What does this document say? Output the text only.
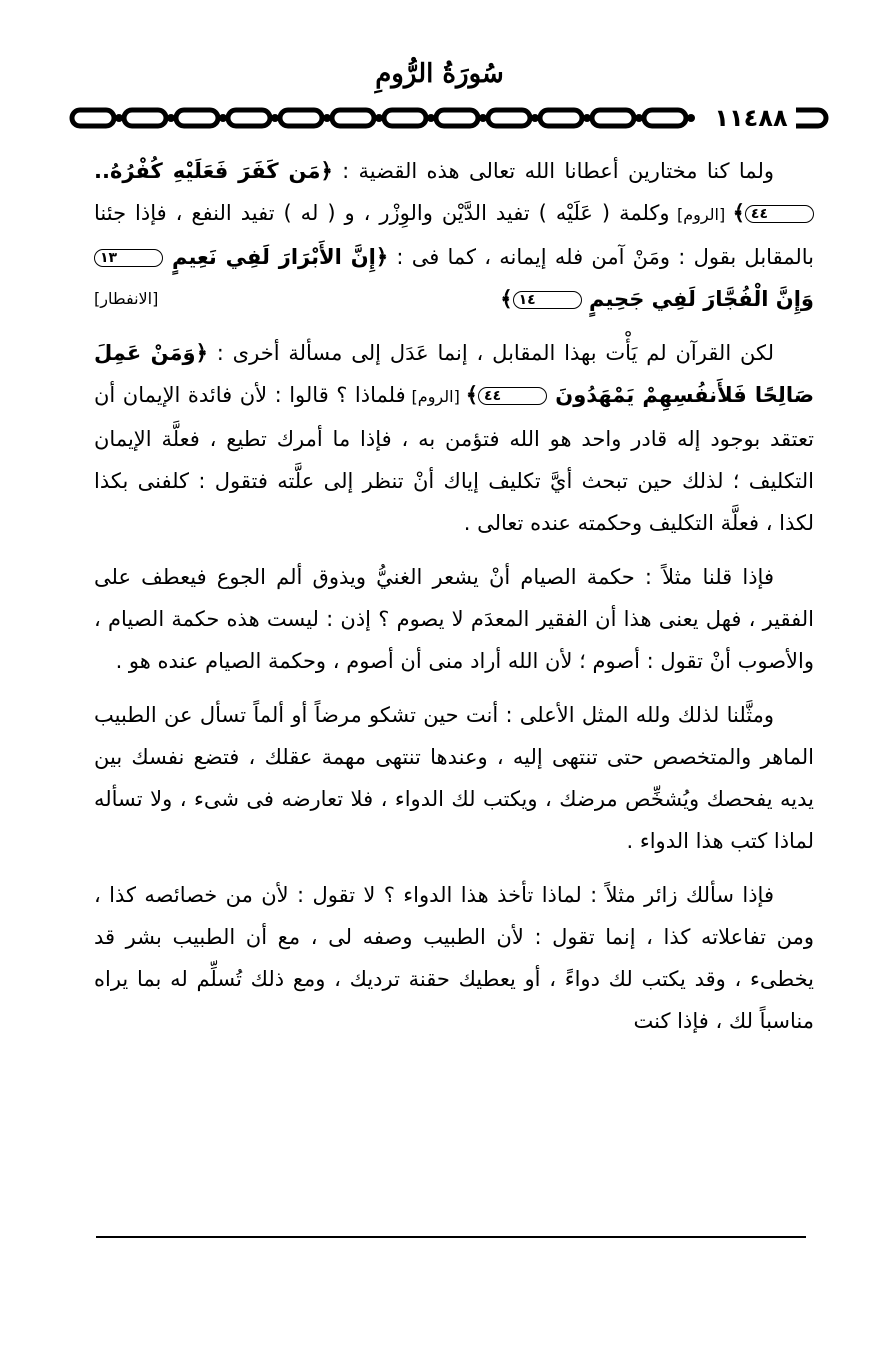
سُورَةُ الرُّومِ
١١٤٨٨

ولما كنا مختارين أعطانا الله تعالى هذه القضية : ﴿مَن كَفَرَ فَعَلَيْهِ كُفْرُهُ.. ٤٤﴾ [الروم] وكلمة ( عَلَيْه ) تفيد الدَّيْن والوِزْر ، و ( له ) تفيد النفع ، فإذا جئنا بالمقابل بقول : ومَنْ آمن فله إيمانه ، كما فى : ﴿إِنَّ الأَبْرَارَ لَفِي نَعِيمٍ ١٣ وَإِنَّ الْفُجَّارَ لَفِي جَحِيمٍ ١٤﴾
[الانفطار]

لكن القرآن لم يَأْت بهذا المقابل ، إنما عَدَل إلى مسألة أخرى : ﴿وَمَنْ عَمِلَ صَالِحًا فَلأَنفُسِهِمْ يَمْهَدُونَ ٤٤﴾ [الروم] فلماذا ؟ قالوا : لأن فائدة الإيمان أن تعتقد بوجود إله قادر واحد هو الله فتؤمن به ، فإذا ما أمرك تطيع ، فعلَّة الإيمان التكليف ؛ لذلك حين تبحث أيَّ تكليف إياك أنْ تنظر إلى علَّته فتقول : كلفنى بكذا لكذا ، فعلَّة التكليف وحكمته عنده تعالى .

فإذا قلنا مثلاً : حكمة الصيام أنْ يشعر الغنيُّ ويذوق ألم الجوع فيعطف على الفقير ، فهل يعنى هذا أن الفقير المعدَم لا يصوم ؟ إذن : ليست هذه حكمة الصيام ، والأصوب أنْ تقول : أصوم ؛ لأن الله أراد منى أن أصوم ، وحكمة الصيام عنده هو .

ومثَّلنا لذلك ولله المثل الأعلى : أنت حين تشكو مرضاً أو ألماً تسأل عن الطبيب الماهر والمتخصص حتى تنتهى إليه ، وعندها تنتهى مهمة عقلك ، فتضع نفسك بين يديه يفحصك ويُشخِّص مرضك ، ويكتب لك الدواء ، فلا تعارضه فى شىء ، ولا تسأله لماذا كتب هذا الدواء .

فإذا سألك زائر مثلاً : لماذا تأخذ هذا الدواء ؟ لا تقول : لأن من خصائصه كذا ، ومن تفاعلاته كذا ، إنما تقول : لأن الطبيب وصفه لى ، مع أن الطبيب بشر قد يخطىء ، وقد يكتب لك دواءً ، أو يعطيك حقنة ترديك ، ومع ذلك تُسلِّم له بما يراه مناسباً لك ، فإذا كنت
